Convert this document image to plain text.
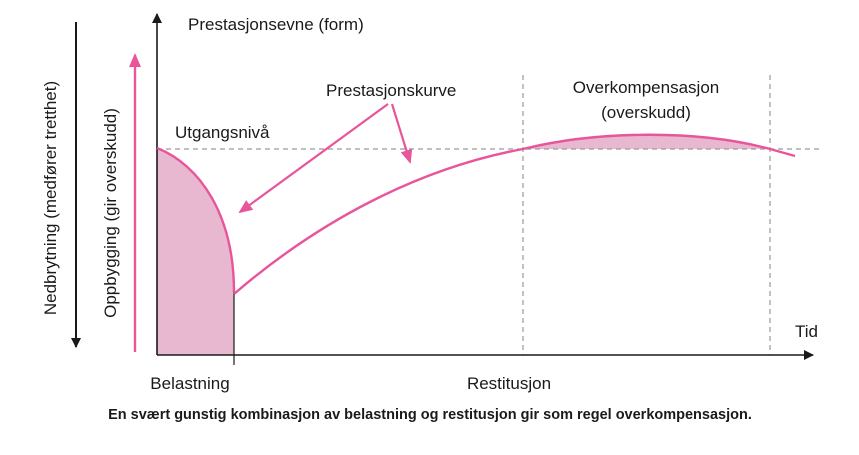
Prestasjonsevne (form)
Tid
Utgangsnivå
Prestasjonskurve	Overkompensasjon
(overskudd)
Nedbrytning (medfører tretthet) Oppbygging (gir overskudd)
Belastning	Restitusjon
En svært gunstig kombinasjon av belastning og restitusjon gir som regel overkompensasjon.
